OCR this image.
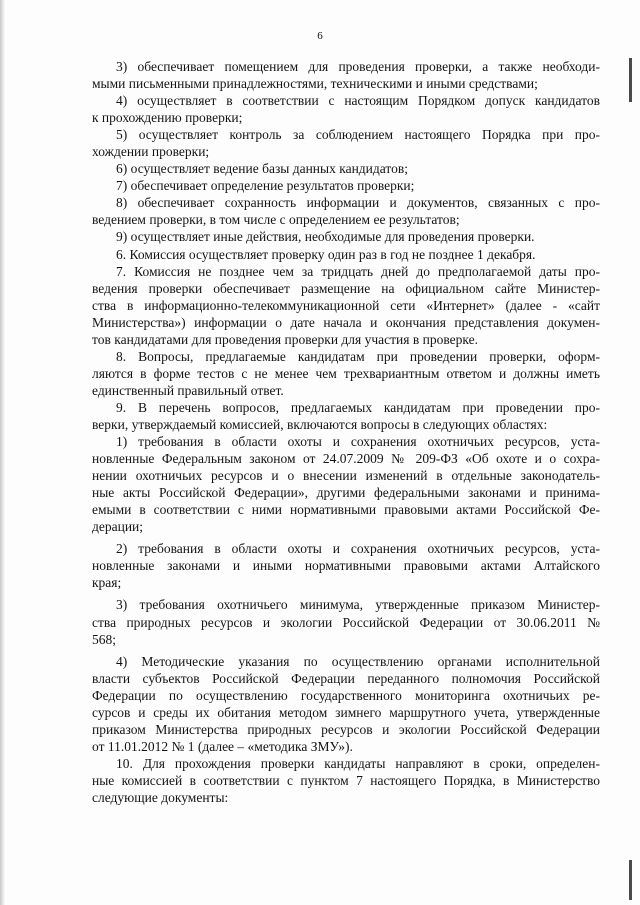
6
3) обеспечивает помещением для проведения проверки, а также необходи-
мыми письменными принадлежностями, техническими и иными средствами;
4) осуществляет в соответствии с настоящим Порядком допуск кандидатов
к прохождению проверки;
5) осуществляет контроль за соблюдением настоящего Порядка при про-
хождении проверки;
6) осуществляет ведение базы данных кандидатов;
7) обеспечивает определение результатов проверки;
8) обеспечивает сохранность информации и документов, связанных с про-
ведением проверки, в том числе с определением ее результатов;
9) осуществляет иные действия, необходимые для проведения проверки.
6. Комиссия осуществляет проверку один раз в год не позднее 1 декабря.
7. Комиссия не позднее чем за тридцать дней до предполагаемой даты про-
ведения проверки обеспечивает размещение на официальном сайте Министер-
ства в информационно-телекоммуникационной сети «Интернет» (далее - «сайт
Министерства») информации о дате начала и окончания представления докумен-
тов кандидатами для проведения проверки для участия в проверке.
8. Вопросы, предлагаемые кандидатам при проведении проверки, оформ-
ляются в форме тестов с не менее чем трехвариантным ответом и должны иметь
единственный правильный ответ.
9. В перечень вопросов, предлагаемых кандидатам при проведении про-
верки, утверждаемый комиссией, включаются вопросы в следующих областях:
1) требования в области охоты и сохранения охотничьих ресурсов, уста-
новленные Федеральным законом от 24.07.2009 № 209-ФЗ «Об охоте и о сохра-
нении охотничьих ресурсов и о внесении изменений в отдельные законодатель-
ные акты Российской Федерации», другими федеральными законами и принима-
емыми в соответствии с ними нормативными правовыми актами Российской Фе-
дерации;
2) требования в области охоты и сохранения охотничьих ресурсов, уста-
новленные законами и иными нормативными правовыми актами Алтайского
края;
3) требования охотничьего минимума, утвержденные приказом Министер-
ства природных ресурсов и экологии Российской Федерации от 30.06.2011 №
568;
4) Методические указания по осуществлению органами исполнительной
власти субъектов Российской Федерации переданного полномочия Российской
Федерации по осуществлению государственного мониторинга охотничьих ре-
сурсов и среды их обитания методом зимнего маршрутного учета, утвержденные
приказом Министерства природных ресурсов и экологии Российской Федерации
от 11.01.2012 № 1 (далее – «методика ЗМУ»).
10. Для прохождения проверки кандидаты направляют в сроки, определен-
ные комиссией в соответствии с пунктом 7 настоящего Порядка, в Министерство
следующие документы:
